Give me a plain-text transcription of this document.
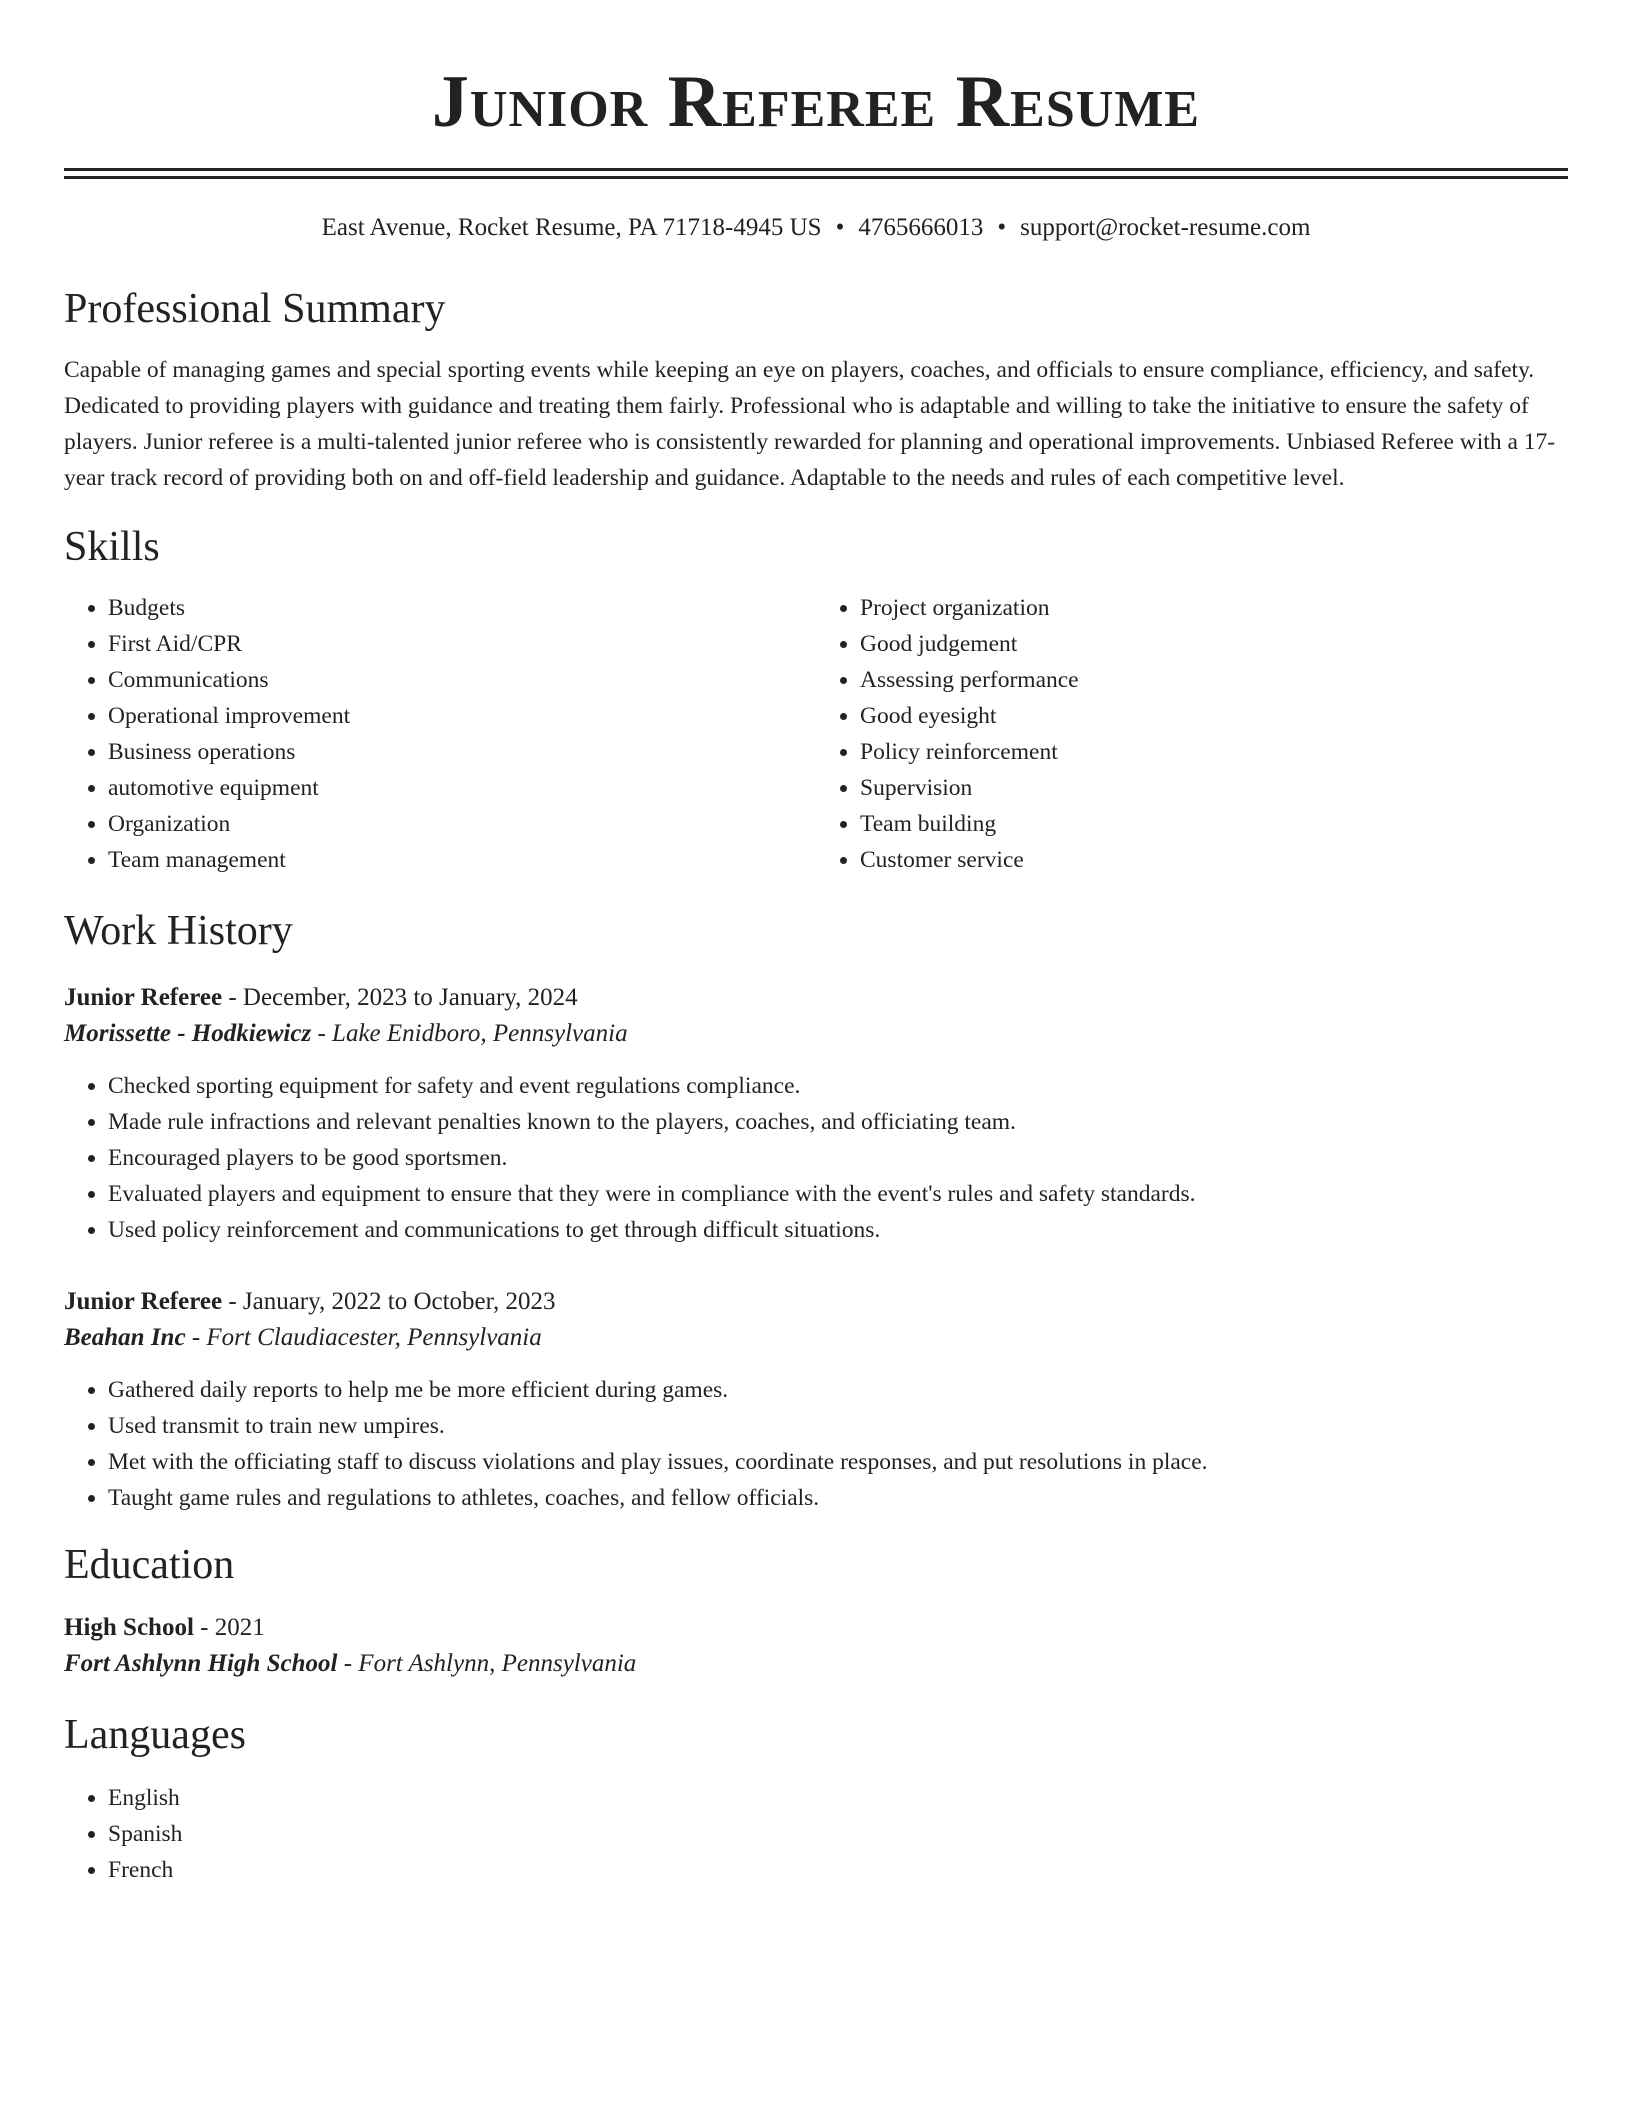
Junior Referee Resume
East Avenue, Rocket Resume, PA 71718-4945 US • 4765666013 • support@rocket-resume.com
Professional Summary

Capable of managing games and special sporting events while keeping an eye on players, coaches, and officials to ensure compliance, efficiency, and safety. Dedicated to providing players with guidance and treating them fairly. Professional who is adaptable and willing to take the initiative to ensure the safety of players. Junior referee is a multi-talented junior referee who is consistently rewarded for planning and operational improvements. Unbiased Referee with a 17-year track record of providing both on and off-field leadership and guidance. Adaptable to the needs and rules of each competitive level.

Skills
• Budgets
• First Aid/CPR
• Communications
• Operational improvement
• Business operations
• automotive equipment
• Organization
• Team management
• Project organization
• Good judgement
• Assessing performance
• Good eyesight
• Policy reinforcement
• Supervision
• Team building
• Customer service
Work History
Junior Referee - December, 2023 to January, 2024
Morissette - Hodkiewicz - Lake Enidboro, Pennsylvania
• Checked sporting equipment for safety and event regulations compliance.
• Made rule infractions and relevant penalties known to the players, coaches, and officiating team.
• Encouraged players to be good sportsmen.
• Evaluated players and equipment to ensure that they were in compliance with the event's rules and safety standards.
• Used policy reinforcement and communications to get through difficult situations.
Junior Referee - January, 2022 to October, 2023
Beahan Inc - Fort Claudiacester, Pennsylvania
• Gathered daily reports to help me be more efficient during games.
• Used transmit to train new umpires.
• Met with the officiating staff to discuss violations and play issues, coordinate responses, and put resolutions in place.
• Taught game rules and regulations to athletes, coaches, and fellow officials.
Education
High School - 2021
Fort Ashlynn High School - Fort Ashlynn, Pennsylvania
Languages
• English
• Spanish
• French
